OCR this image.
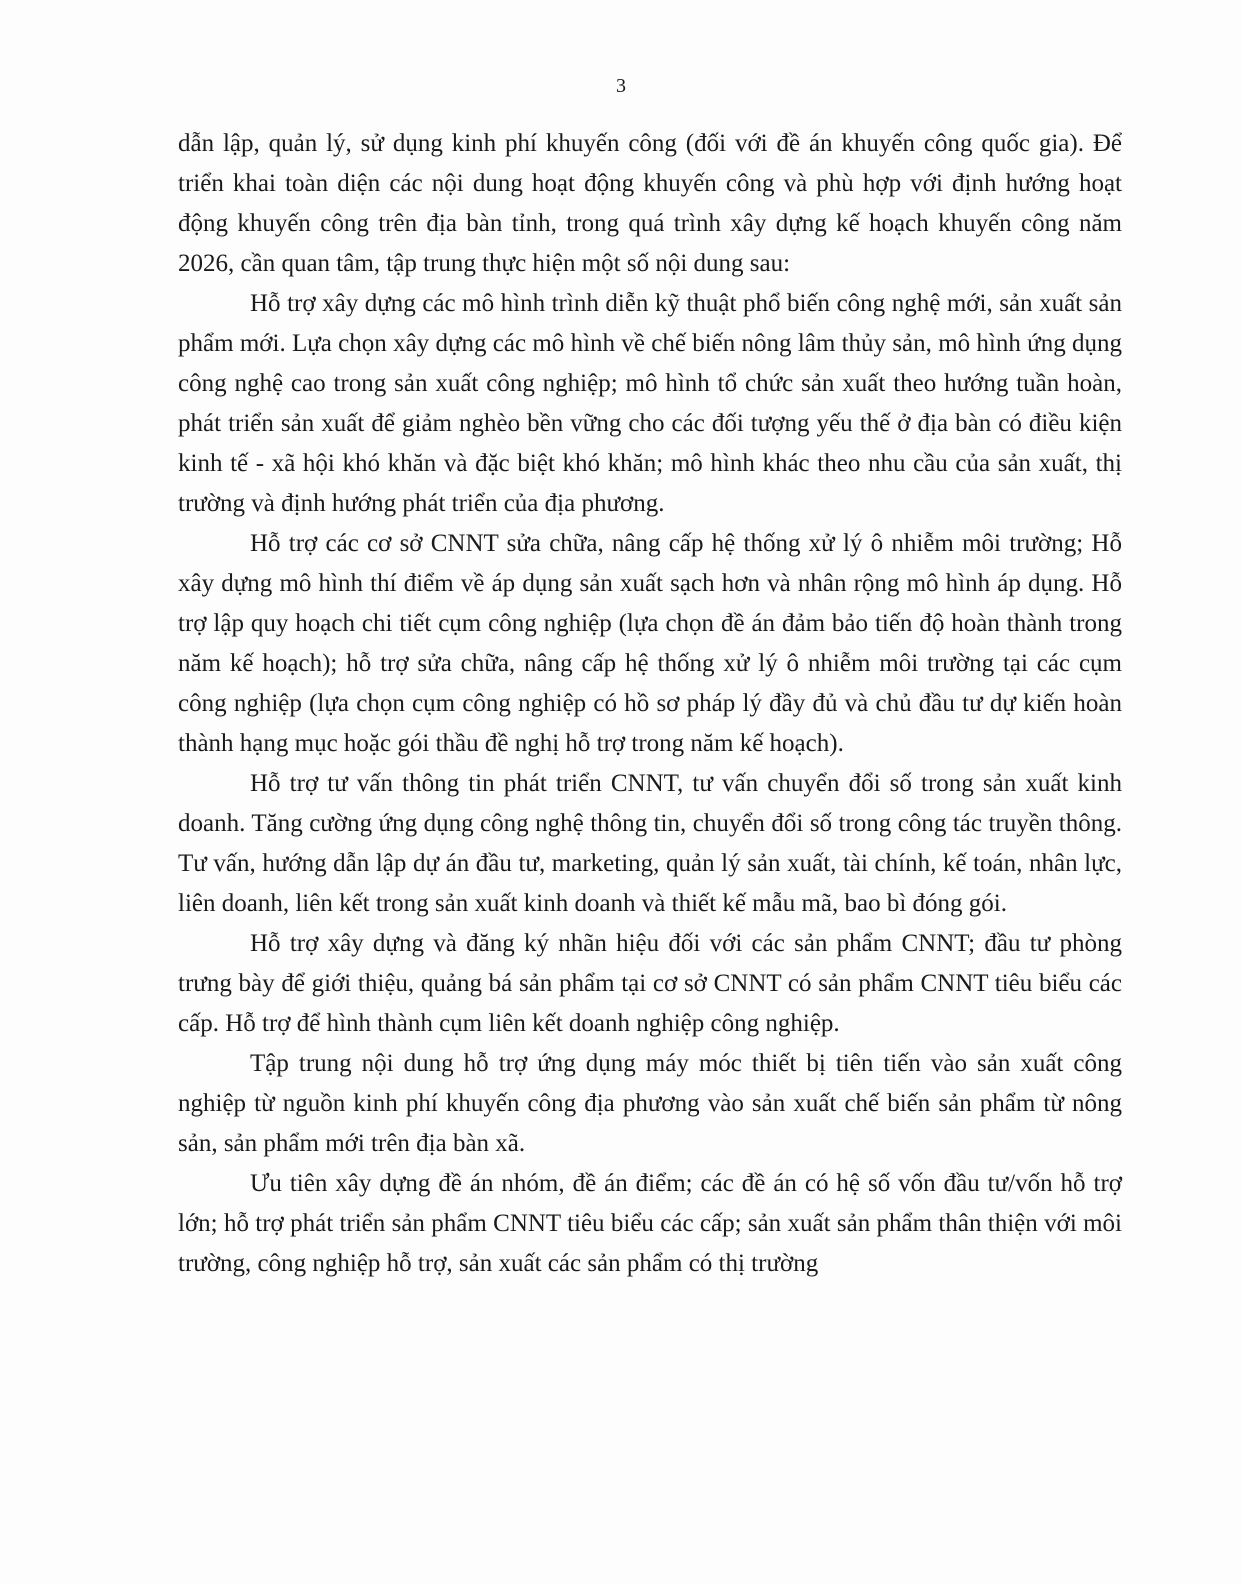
3

dẫn lập, quản lý, sử dụng kinh phí khuyến công (đối với đề án khuyến công quốc gia). Để triển khai toàn diện các nội dung hoạt động khuyến công và phù hợp với định hướng hoạt động khuyến công trên địa bàn tỉnh, trong quá trình xây dựng kế hoạch khuyến công năm 2026, cần quan tâm, tập trung thực hiện một số nội dung sau:

Hỗ trợ xây dựng các mô hình trình diễn kỹ thuật phổ biến công nghệ mới, sản xuất sản phẩm mới. Lựa chọn xây dựng các mô hình về chế biến nông lâm thủy sản, mô hình ứng dụng công nghệ cao trong sản xuất công nghiệp; mô hình tổ chức sản xuất theo hướng tuần hoàn, phát triển sản xuất để giảm nghèo bền vững cho các đối tượng yếu thế ở địa bàn có điều kiện kinh tế - xã hội khó khăn và đặc biệt khó khăn; mô hình khác theo nhu cầu của sản xuất, thị trường và định hướng phát triển của địa phương.

Hỗ trợ các cơ sở CNNT sửa chữa, nâng cấp hệ thống xử lý ô nhiễm môi trường; Hỗ xây dựng mô hình thí điểm về áp dụng sản xuất sạch hơn và nhân rộng mô hình áp dụng. Hỗ trợ lập quy hoạch chi tiết cụm công nghiệp (lựa chọn đề án đảm bảo tiến độ hoàn thành trong năm kế hoạch); hỗ trợ sửa chữa, nâng cấp hệ thống xử lý ô nhiễm môi trường tại các cụm công nghiệp (lựa chọn cụm công nghiệp có hồ sơ pháp lý đầy đủ và chủ đầu tư dự kiến hoàn thành hạng mục hoặc gói thầu đề nghị hỗ trợ trong năm kế hoạch).

Hỗ trợ tư vấn thông tin phát triển CNNT, tư vấn chuyển đổi số trong sản xuất kinh doanh. Tăng cường ứng dụng công nghệ thông tin, chuyển đổi số trong công tác truyền thông. Tư vấn, hướng dẫn lập dự án đầu tư, marketing, quản lý sản xuất, tài chính, kế toán, nhân lực, liên doanh, liên kết trong sản xuất kinh doanh và thiết kế mẫu mã, bao bì đóng gói.

Hỗ trợ xây dựng và đăng ký nhãn hiệu đối với các sản phẩm CNNT; đầu tư phòng trưng bày để giới thiệu, quảng bá sản phẩm tại cơ sở CNNT có sản phẩm CNNT tiêu biểu các cấp. Hỗ trợ để hình thành cụm liên kết doanh nghiệp công nghiệp.

Tập trung nội dung hỗ trợ ứng dụng máy móc thiết bị tiên tiến vào sản xuất công nghiệp từ nguồn kinh phí khuyến công địa phương vào sản xuất chế biến sản phẩm từ nông sản, sản phẩm mới trên địa bàn xã.

Ưu tiên xây dựng đề án nhóm, đề án điểm; các đề án có hệ số vốn đầu tư/vốn hỗ trợ lớn; hỗ trợ phát triển sản phẩm CNNT tiêu biểu các cấp; sản xuất sản phẩm thân thiện với môi trường, công nghiệp hỗ trợ, sản xuất các sản phẩm có thị trường
